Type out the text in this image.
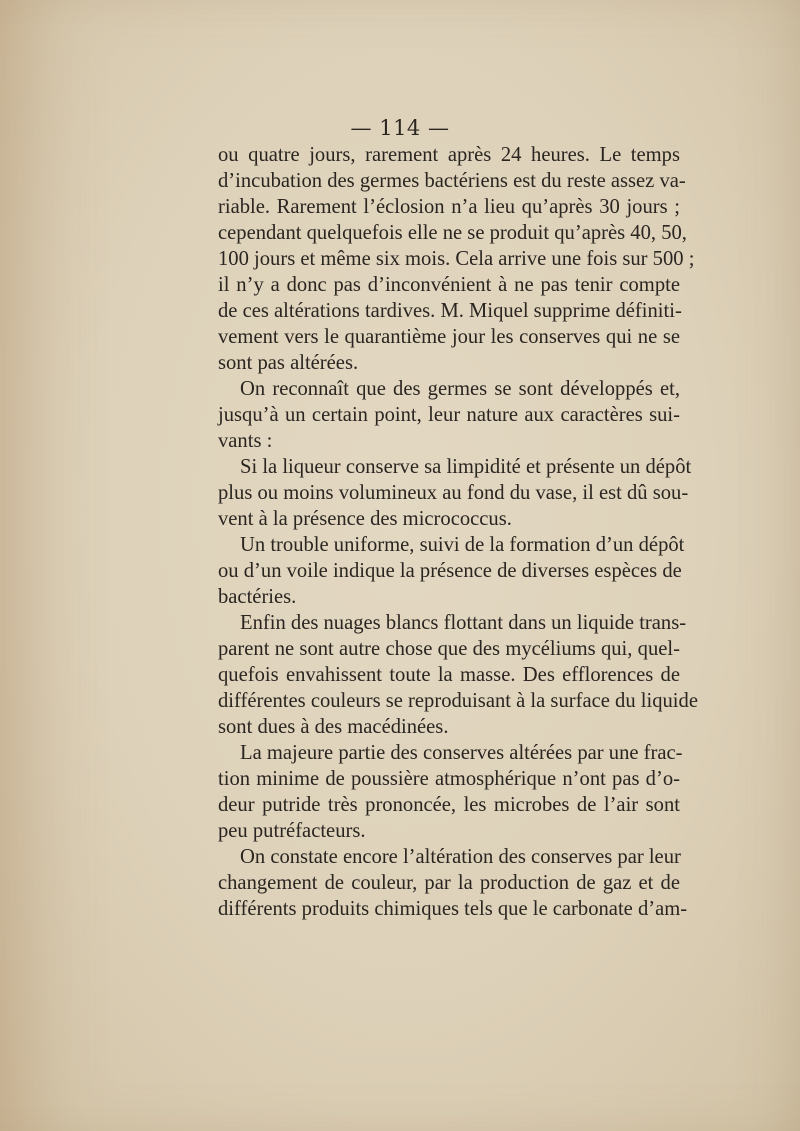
— 114 —
ou quatre jours, rarement après 24 heures. Le temps
d’incubation des germes bactériens est du reste assez va-
riable. Rarement l’éclosion n’a lieu qu’après 30 jours ;
cependant quelquefois elle ne se produit qu’après 40, 50,
100 jours et même six mois. Cela arrive une fois sur 500 ;
il n’y a donc pas d’inconvénient à ne pas tenir compte
de ces altérations tardives. M. Miquel supprime définiti-
vement vers le quarantième jour les conserves qui ne se
sont pas altérées.
On reconnaît que des germes se sont développés et,
jusqu’à un certain point, leur nature aux caractères sui-
vants :
Si la liqueur conserve sa limpidité et présente un dépôt
plus ou moins volumineux au fond du vase, il est dû sou-
vent à la présence des micrococcus.
Un trouble uniforme, suivi de la formation d’un dépôt
ou d’un voile indique la présence de diverses espèces de
bactéries.
Enfin des nuages blancs flottant dans un liquide trans-
parent ne sont autre chose que des mycéliums qui, quel-
quefois envahissent toute la masse. Des efflorences de
différentes couleurs se reproduisant à la surface du liquide
sont dues à des macédinées.
La majeure partie des conserves altérées par une frac-
tion minime de poussière atmosphérique n’ont pas d’o-
deur putride très prononcée, les microbes de l’air sont
peu putréfacteurs.
On constate encore l’altération des conserves par leur
changement de couleur, par la production de gaz et de
différents produits chimiques tels que le carbonate d’am-
